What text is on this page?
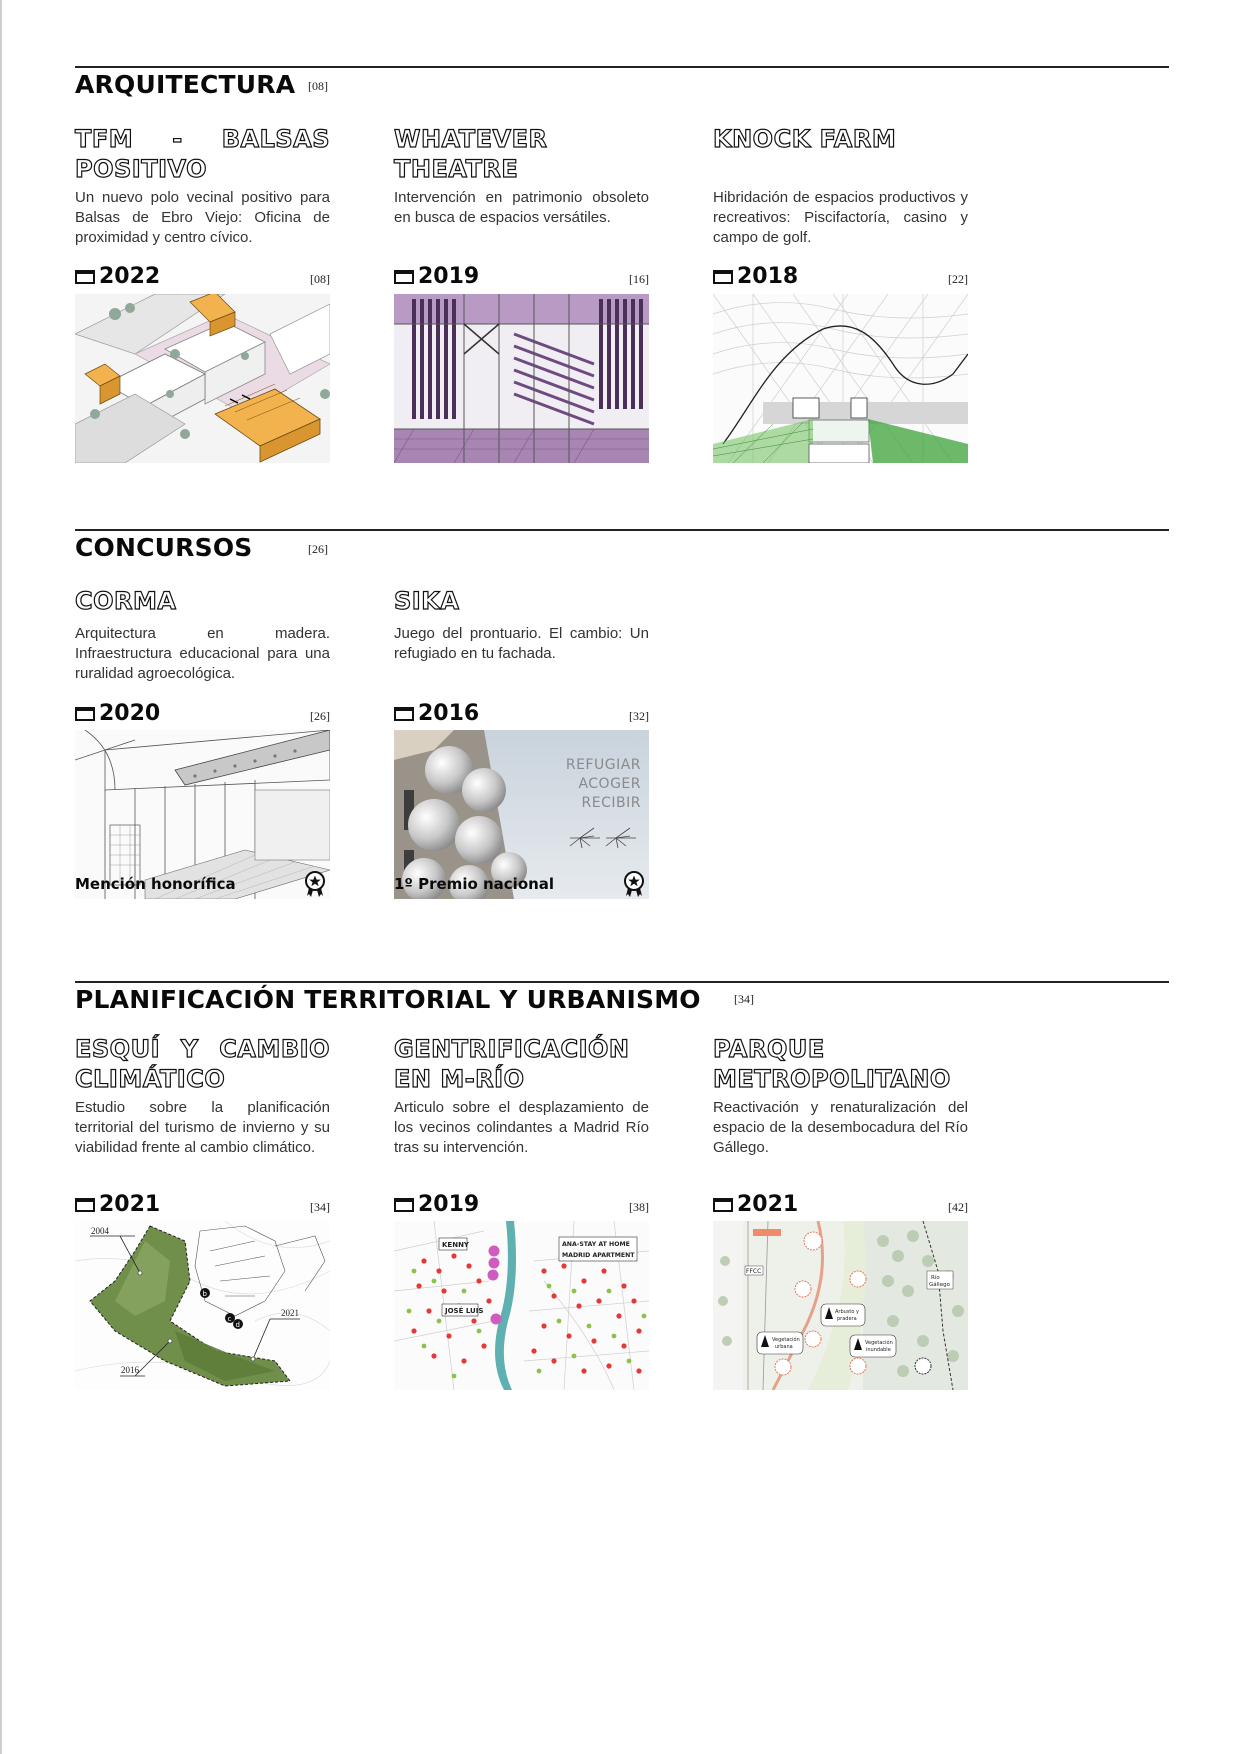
ARQUITECTURA [08]
TFM - BALSAS POSITIVO
Un nuevo polo vecinal positivo para Balsas de Ebro Viejo: Oficina de proximidad y centro cívico.
2022	[08]
WHATEVER THEATRE
Intervención en patrimonio obsoleto en busca de espacios versátiles.
2019	[16]
KNOCK FARM
Hibridación de espacios productivos y recreativos: Piscifactoría, casino y campo de golf.
2018	[22]
CONCURSOS	[26]
CORMA
Arquitectura en madera. Infraestructura educacional para una ruralidad agroecológica.
2020	[26]
Mención honorífica
SIKA
Juego del prontuario. El cambio: Un refugiado en tu fachada.
2016	[32]
REFUGIAR
ACOGER
RECIBIR
1º Premio nacional
PLANIFICACIÓN TERRITORIAL Y URBANISMO	[34]
ESQUÍ Y CAMBIO CLIMÁTICO
Estudio sobre la planificación territorial del turismo de invierno y su viabilidad frente al cambio climático.
2021	[34]
2004
2016
2021
b
c
d
GENTRIFICACIÓN EN M-RÍO
Articulo sobre el desplazamiento de los vecinos colindantes a Madrid Río tras su intervención.
2019	[38]
KENNY	ANA-STAY AT HOME
MADRID APARTMENT
JOSÉ LUIS
PARQUE METROPOLITANO
Reactivación y renaturalización del espacio de la desembocadura del Río Gállego.
2021	[42]
FFCC
Río
Gállego
Arbusto y
pradera
Vegetación
urbana
Vegetación
inundable
